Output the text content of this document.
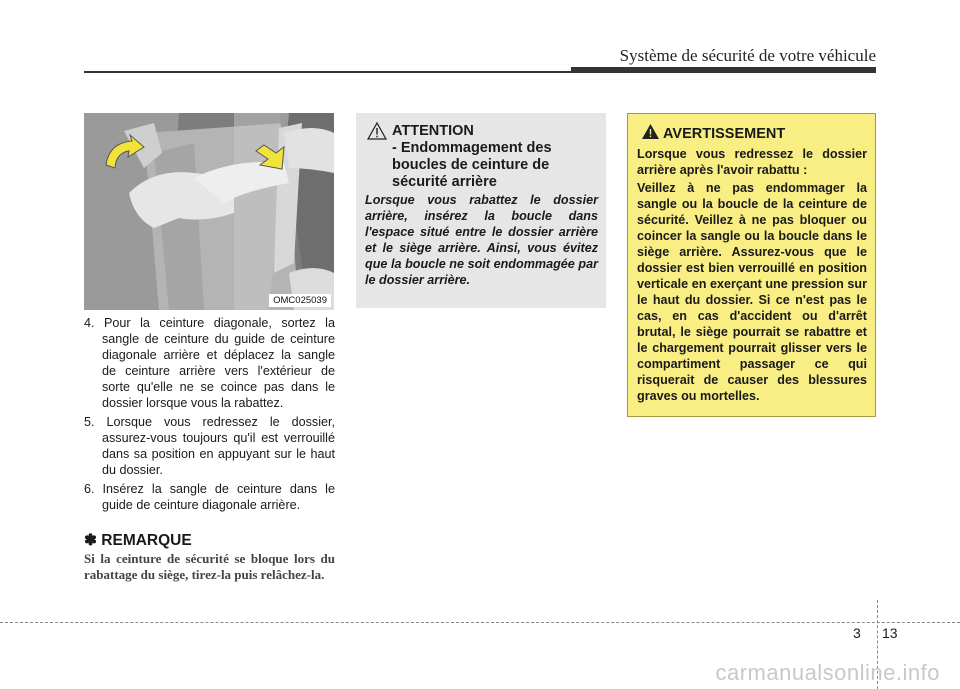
Système de sécurité de votre véhicule
OMC025039
4. Pour la ceinture diagonale, sortez la sangle de ceinture du guide de ceinture diagonale arrière et déplacez la sangle de ceinture arrière vers l'extérieur de sorte qu'elle ne se coince pas dans le dossier lorsque vous la rabattez.
5. Lorsque vous redressez le dossier, assurez-vous toujours qu'il est verrouillé dans sa position en appuyant sur le haut du dossier.
6. Insérez la sangle de ceinture dans le guide de ceinture diagonale arrière.
✽ REMARQUE
Si la ceinture de sécurité se bloque lors du rabattage du siège, tirez-la puis relâchez-la.
ATTENTION
- Endommagement des boucles de ceinture de sécurité arrière
Lorsque vous rabattez le dossier arrière, insérez la boucle dans l'espace situé entre le dossier arrière et le siège arrière. Ainsi, vous évitez que la boucle ne soit endommagée par le dossier arrière.
AVERTISSEMENT

Lorsque vous redressez le dossier arrière après l'avoir rabattu :

Veillez à ne pas endommager la sangle ou la boucle de la ceinture de sécurité. Veillez à ne pas bloquer ou coincer la sangle ou la boucle dans le siège arrière. Assurez-vous que le dossier est bien verrouillé en position verticale en exerçant une pression sur le haut du dossier. Si ce n'est pas le cas, en cas d'accident ou d'arrêt brutal, le siège pourrait se rabattre et le chargement pourrait glisser vers le compartiment passager ce qui risquerait de causer des blessures graves ou mortelles.

3 13
carmanualsonline.info
